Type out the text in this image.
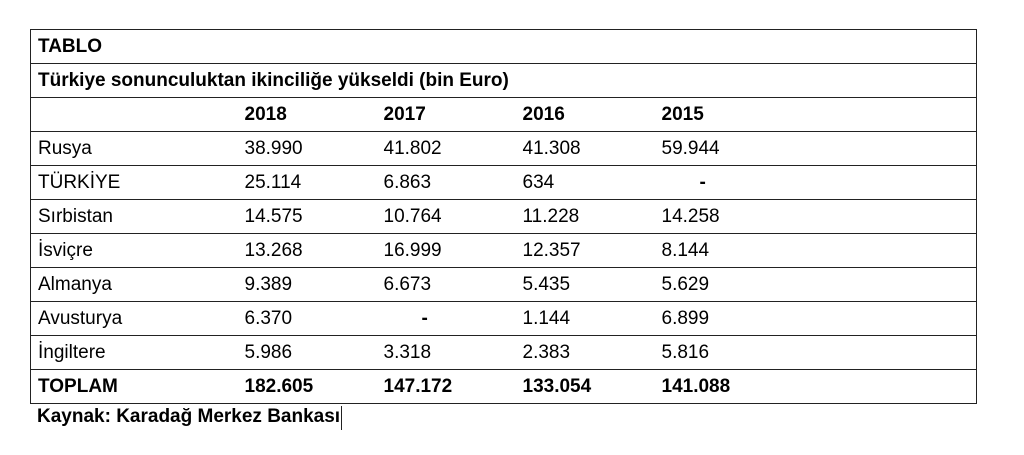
TABLO				
Türkiye sonunculuktan ikinciliğe yükseldi (bin Euro)				
	2018	2017	2016	2015
Rusya	38.990	41.802	41.308	59.944
TÜRKİYE	25.114	6.863	634	-
Sırbistan	14.575	10.764	11.228	14.258
İsviçre	13.268	16.999	12.357	8.144
Almanya	9.389	6.673	5.435	5.629
Avusturya	6.370	-	1.144	6.899
İngiltere	5.986	3.318	2.383	5.816
TOPLAM	182.605	147.172	133.054	141.088
Kaynak: Karadağ Merkez Bankası
